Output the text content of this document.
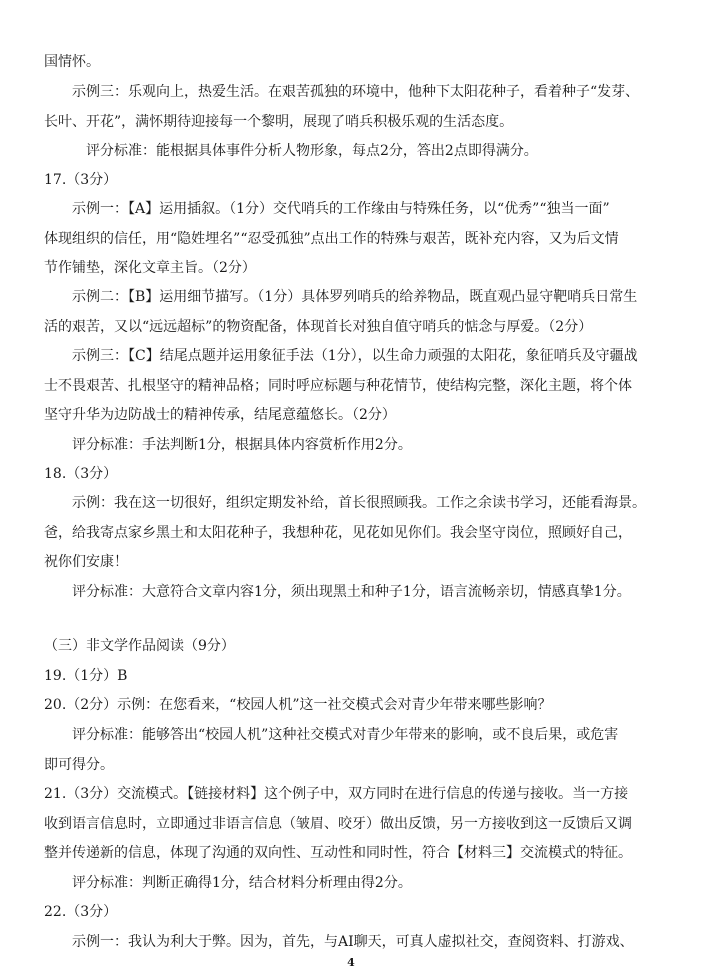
国情怀。
　　示例三：乐观向上，热爱生活。在艰苦孤独的环境中，他种下太阳花种子，看着种子“发芽、
长叶、开花”，满怀期待迎接每一个黎明，展现了哨兵积极乐观的生活态度。
　　　评分标准：能根据具体事件分析人物形象，每点2分，答出2点即得满分。
17.（3分）
　　示例一：【A】运用插叙。（1分）交代哨兵的工作缘由与特殊任务，以“优秀”“独当一面”
体现组织的信任，用“隐姓埋名”“忍受孤独”点出工作的特殊与艰苦，既补充内容，又为后文情
节作铺垫，深化文章主旨。（2分）
　　示例二：【B】运用细节描写。（1分）具体罗列哨兵的给养物品，既直观凸显守靶哨兵日常生
活的艰苦，又以“远远超标”的物资配备，体现首长对独自值守哨兵的惦念与厚爱。（2分）
　　示例三：【C】结尾点题并运用象征手法（1分），以生命力顽强的太阳花，象征哨兵及守疆战
士不畏艰苦、扎根坚守的精神品格；同时呼应标题与种花情节，使结构完整，深化主题，将个体
坚守升华为边防战士的精神传承，结尾意蕴悠长。（2分）
　　评分标准：手法判断1分，根据具体内容赏析作用2分。
18.（3分）
　　示例：我在这一切很好，组织定期发补给，首长很照顾我。工作之余读书学习，还能看海景。
爸，给我寄点家乡黑土和太阳花种子，我想种花，见花如见你们。我会坚守岗位，照顾好自己，
祝你们安康！
　　评分标准：大意符合文章内容1分，须出现黑土和种子1分，语言流畅亲切，情感真挚1分。
（三）非文学作品阅读（9分）
19.（1分）B
20.（2分）示例：在您看来，“校园人机”这一社交模式会对青少年带来哪些影响？
　　评分标准：能够答出“校园人机”这种社交模式对青少年带来的影响，或不良后果，或危害
即可得分。
21.（3分）交流模式。【链接材料】这个例子中，双方同时在进行信息的传递与接收。当一方接
收到语言信息时，立即通过非语言信息（皱眉、咬牙）做出反馈，另一方接收到这一反馈后又调
整并传递新的信息，体现了沟通的双向性、互动性和同时性，符合【材料三】交流模式的特征。
　　评分标准：判断正确得1分，结合材料分析理由得2分。
22.（3分）
　　示例一：我认为利大于弊。因为，首先，与AI聊天，可真人虚拟社交，查阅资料、打游戏、
4
